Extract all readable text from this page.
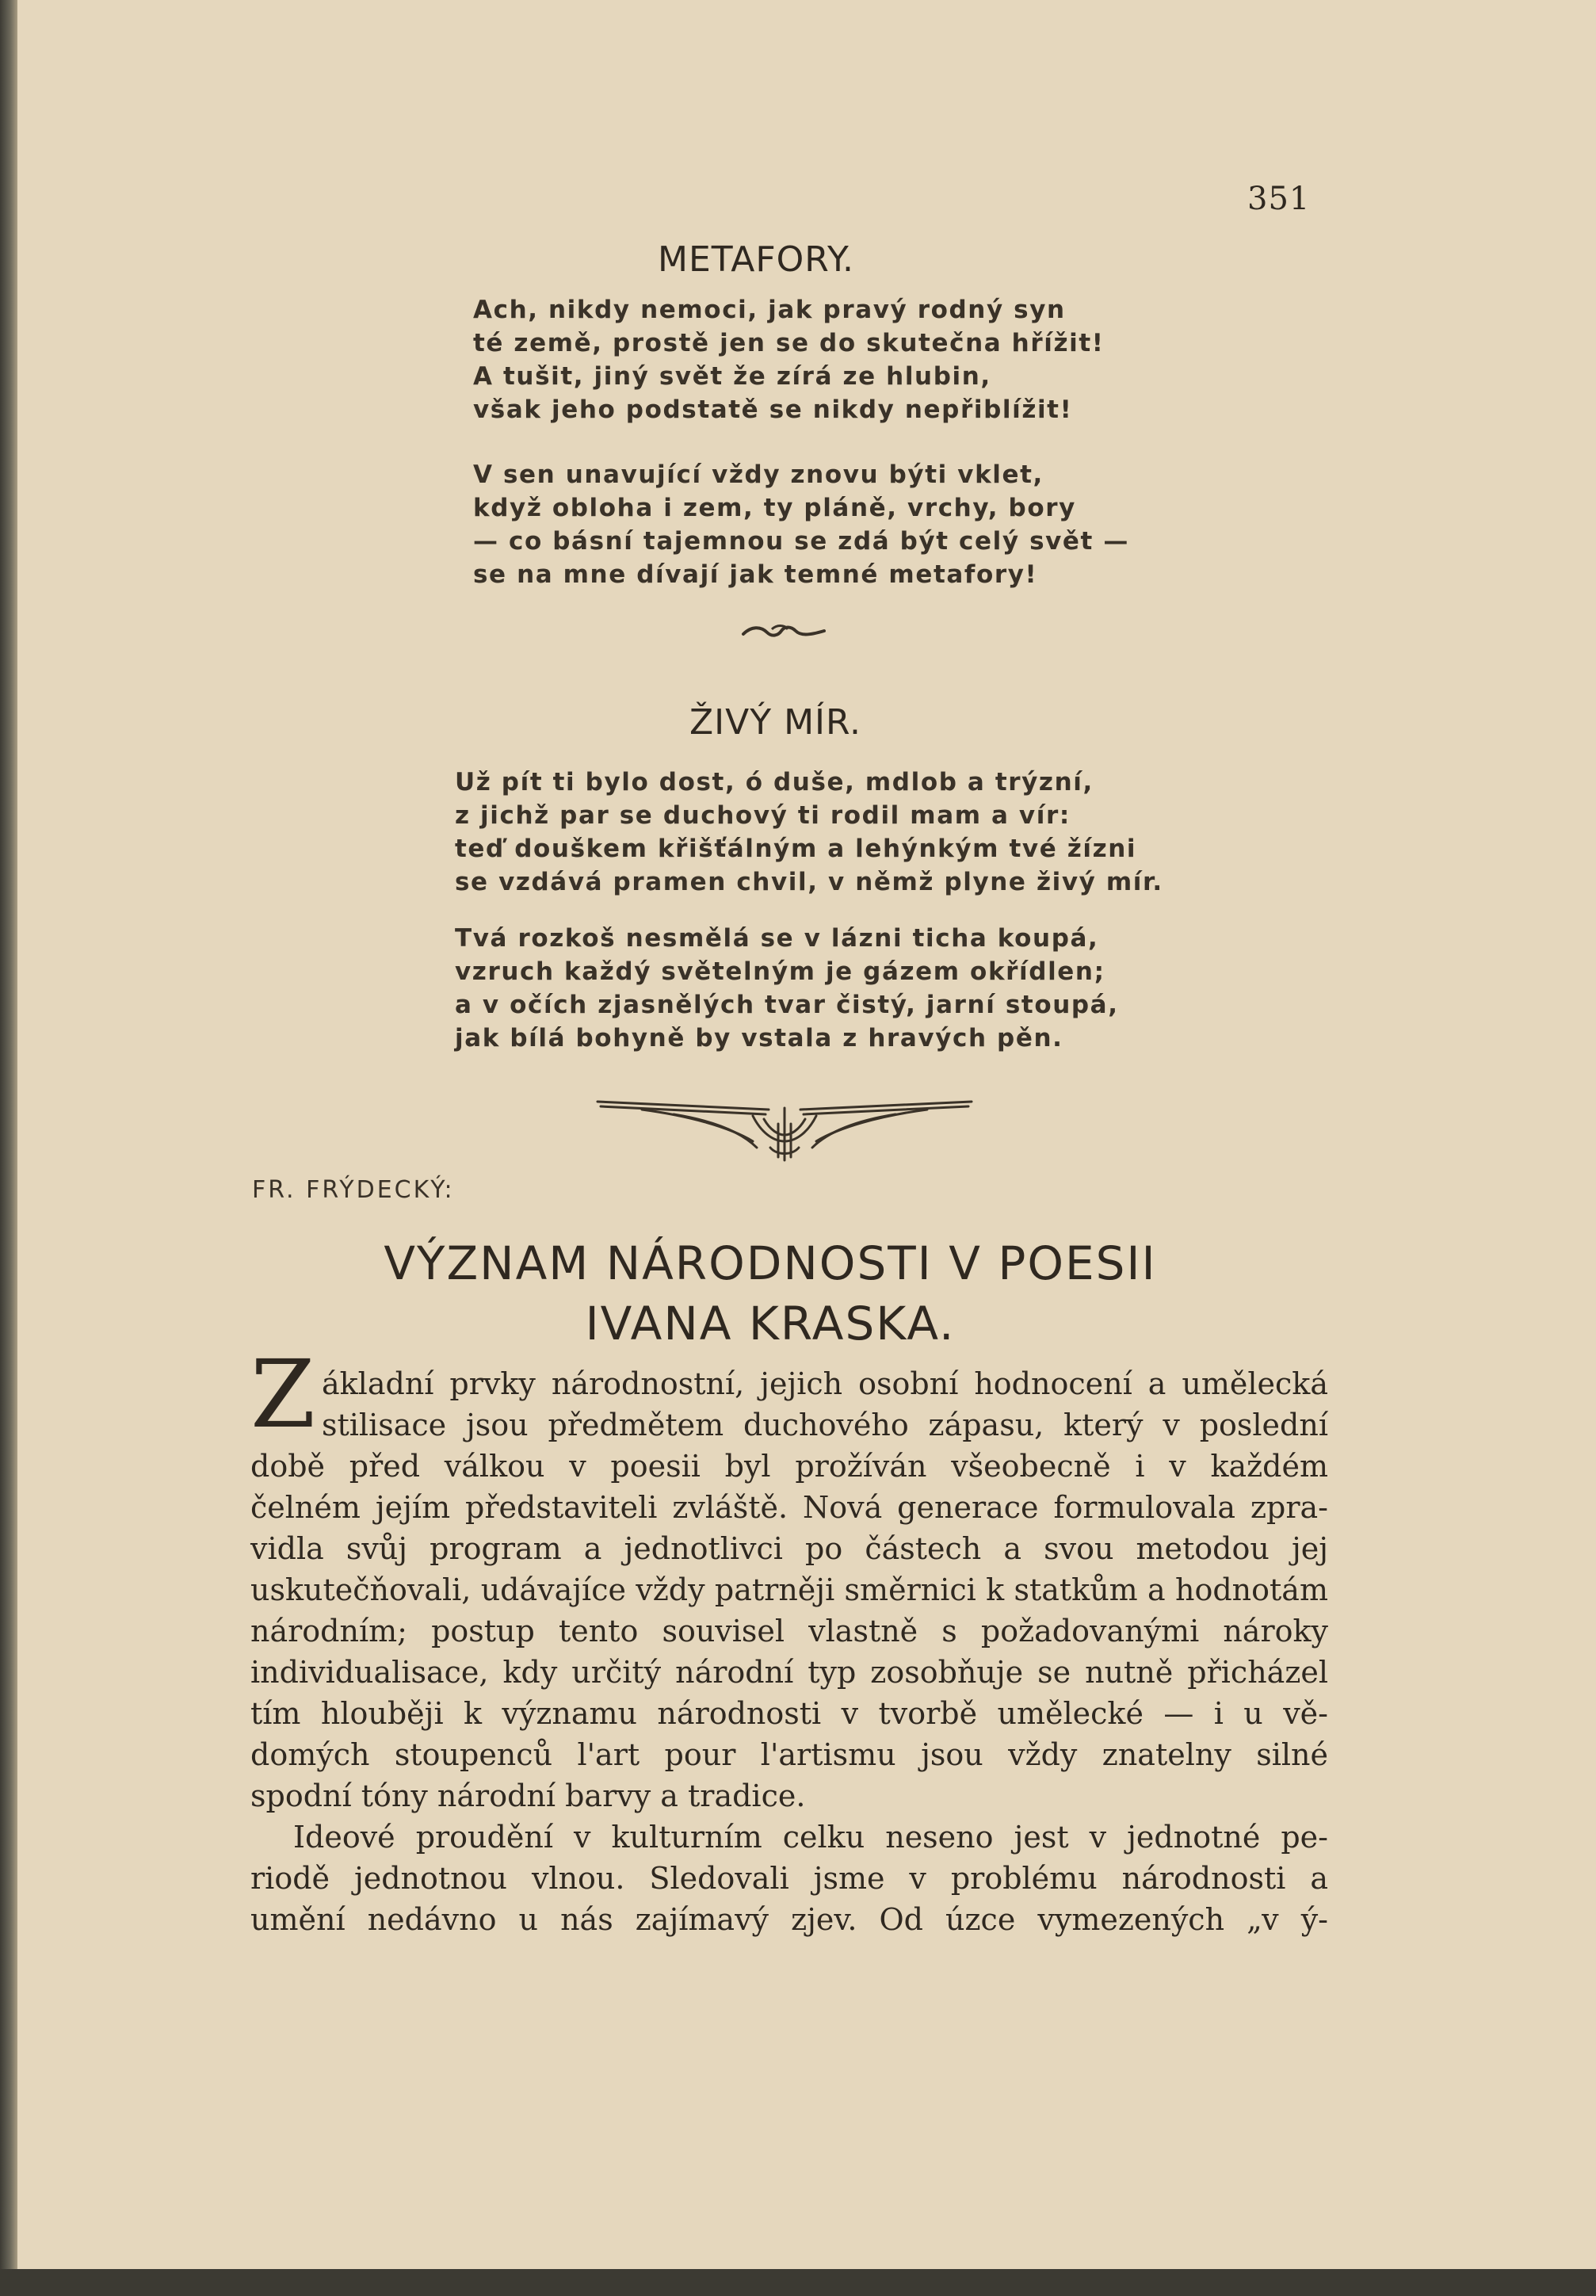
351
METAFORY.
Ach, nikdy nemoci, jak pravý rodný syn
té země, prostě jen se do skutečna hřížit!
A tušit, jiný svět že zírá ze hlubin,
však jeho podstatě se nikdy nepřiblížit!
V sen unavující vždy znovu býti vklet,
když obloha i zem, ty pláně, vrchy, bory
— co básní tajemnou se zdá být celý svět —
se na mne dívají jak temné metafory!
ŽIVÝ MÍR.
Už pít ti bylo dost, ó duše, mdlob a trýzní,
z jichž par se duchový ti rodil mam a vír:
teď douškem křišťálným a lehýnkým tvé žízni
se vzdává pramen chvil, v němž plyne živý mír.
Tvá rozkoš nesmělá se v lázni ticha koupá,
vzruch každý světelným je gázem okřídlen;
a v očích zjasnělých tvar čistý, jarní stoupá,
jak bílá bohyně by vstala z hravých pěn.
FR. FRÝDECKÝ:
VÝZNAM NÁRODNOSTI V POESII
IVANA KRASKA.
Z ákladní prvky národnostní, jejich osobní hodnocení a umělecká
stilisace jsou předmětem duchového zápasu, který v poslední
době před válkou v poesii byl prožíván všeobecně i v každém
čelném jejím představiteli zvláště. Nová generace formulovala zpra-
vidla svůj program a jednotlivci po částech a svou metodou jej
uskutečňovali, udávajíce vždy patrněji směrnici k statkům a hodnotám
národním; postup tento souvisel vlastně s požadovanými nároky
individualisace, kdy určitý národní typ zosobňuje se nutně přicházel
tím hlouběji k významu národnosti v tvorbě umělecké — i u vě-
domých stoupenců l'art pour l'artismu jsou vždy znatelny silné
spodní tóny národní barvy a tradice.
Ideové proudění v kulturním celku neseno jest v jednotné pe-
riodě jednotnou vlnou. Sledovali jsme v problému národnosti a
umění nedávno u nás zajímavý zjev. Od úzce vymezených „v ý-
